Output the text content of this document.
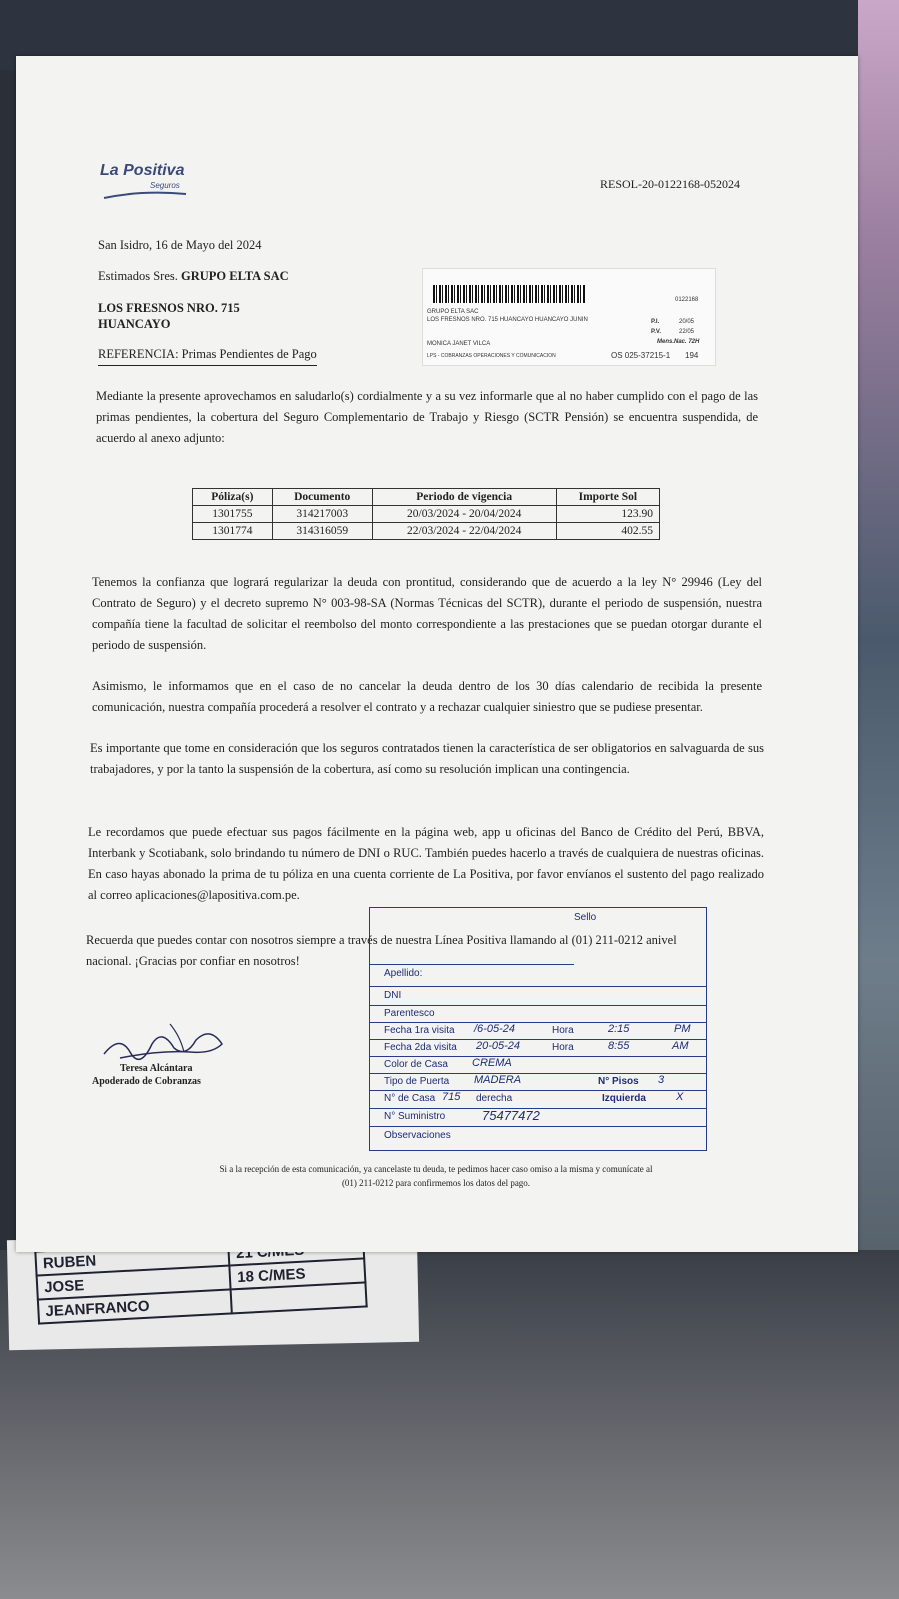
RUBEN	
JOSE	18 C/MES
JEANFRANCO	
La Positiva
Seguros	RESOL-20-0122168-052024
San Isidro, 16 de Mayo del 2024
Estimados Sres. GRUPO ELTA SAC
LOS FRESNOS NRO. 715
HUANCAYO
REFERENCIA: Primas Pendientes de Pago
0122168
GRUPO ELTA SAC
LOS FRESNOS NRO. 715 HUANCAYO HUANCAYO JUNIN	P.I.	20/05
P.V.	22/05
Mens.Nac. 72H
MONICA JANET VILCA
LPS - COBRANZAS OPERACIONES Y COMUNICACION	OS 025-37215-1 194
Mediante la presente aprovechamos en saludarlo(s) cordialmente y a su vez informarle que al no haber cumplido con el pago de las primas pendientes, la cobertura del Seguro Complementario de Trabajo y Riesgo (SCTR Pensión) se encuentra suspendida, de acuerdo al anexo adjunto:
Póliza(s)	Documento	Periodo de vigencia	Importe Sol
1301755	314217003	20/03/2024 - 20/04/2024	123.90
1301774	314316059	22/03/2024 - 22/04/2024	402.55
Tenemos la confianza que logrará regularizar la deuda con prontitud, considerando que de acuerdo a la ley N° 29946 (Ley del Contrato de Seguro) y el decreto supremo N° 003-98-SA (Normas Técnicas del SCTR), durante el periodo de suspensión, nuestra compañía tiene la facultad de solicitar el reembolso del monto correspondiente a las prestaciones que se puedan otorgar durante el periodo de suspensión.
Asimismo, le informamos que en el caso de no cancelar la deuda dentro de los 30 días calendario de recibida la presente comunicación, nuestra compañía procederá a resolver el contrato y a rechazar cualquier siniestro que se pudiese presentar.
Es importante que tome en consideración que los seguros contratados tienen la característica de ser obligatorios en salvaguarda de sus trabajadores, y por la tanto la suspensión de la cobertura, así como su resolución implican una contingencia.
Le recordamos que puede efectuar sus pagos fácilmente en la página web, app u oficinas del Banco de Crédito del Perú, BBVA, Interbank y Scotiabank, solo brindando tu número de DNI o RUC. También puedes hacerlo a través de cualquiera de nuestras oficinas. En caso hayas abonado la prima de tu póliza en una cuenta corriente de La Positiva, por favor envíanos el sustento del pago realizado al correo aplicaciones@lapositiva.com.pe.
Sello
Apellido:
DNI
Parentesco
Fecha 1ra visita /6-05-24	Hora	2:15	PM
Fecha 2da visita 20-05-24	Hora	8:55	AM
Color de Casa CREMA
Tipo de Puerta MADERA	N° Pisos 3
N° de Casa 715 derecha	Izquierda	X
N° Suministro	75477472
Observaciones
Recuerda que puedes contar con nosotros siempre a través de nuestra Línea Positiva llamando al (01) 211-0212 anivel
nacional. ¡Gracias por confiar en nosotros!
Teresa Alcántara
Apoderado de Cobranzas
Si a la recepción de esta comunicación, ya cancelaste tu deuda, te pedimos hacer caso omiso a la misma y comunícate al
(01) 211-0212 para confirmemos los datos del pago.
